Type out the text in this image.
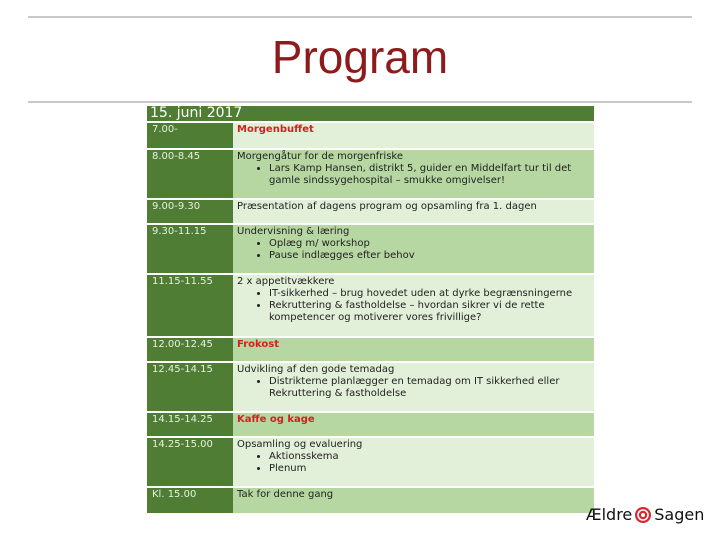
Program
15. juni 2017
7.00-	Morgenbuffet
8.00-8.45	Morgengåtur for de morgenfriske
• Lars Kamp Hansen, distrikt 5, guider en Middelfart tur til det gamle sindssygehospital – smukke omgivelser!
9.00-9.30	Præsentation af dagens program og opsamling fra 1. dagen
9.30-11.15	Undervisning & læring
• Oplæg m/ workshop
• Pause indlægges efter behov
11.15-11.55	2 x appetitvækkere
• IT-sikkerhed – brug hovedet uden at dyrke begrænsningerne
• Rekruttering & fastholdelse – hvordan sikrer vi de rette kompetencer og motiverer vores frivillige?
12.00-12.45	Frokost
12.45-14.15	Udvikling af den gode temadag
• Distrikterne planlægger en temadag om IT sikkerhed eller Rekruttering & fastholdelse
14.15-14.25	Kaffe og kage
14.25-15.00	Opsamling og evaluering
• Aktionsskema
• Plenum
Kl. 15.00	Tak for denne gang
Ældre Sagen
